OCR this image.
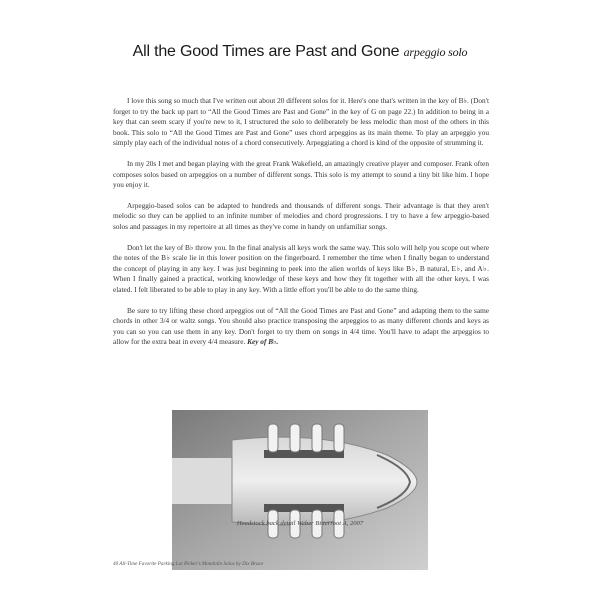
All the Good Times are Past and Gone arpeggio solo

I love this song so much that I've written out about 20 different solos for it. Here's one that's written in the key of B♭. (Don't forget to try the back up part to “All the Good Times are Past and Gone” in the key of G on page 22.) In addition to being in a key that can seem scary if you're new to it, I structured the solo to deliberately be less melodic than most of the others in this book. This solo to “All the Good Times are Past and Gone” uses chord arpeggios as its main theme. To play an arpeggio you simply play each of the individual notes of a chord consecutively. Arpeggiating a chord is kind of the opposite of strumming it.

In my 20s I met and began playing with the great Frank Wakefield, an amazingly creative player and composer. Frank often composes solos based on arpeggios on a number of different songs. This solo is my attempt to sound a tiny bit like him. I hope you enjoy it.

Arpeggio-based solos can be adapted to hundreds and thousands of different songs. Their advantage is that they aren't melodic so they can be applied to an infinite number of melodies and chord progressions. I try to have a few arpeggio-based solos and passages in my repertoire at all times as they've come in handy on unfamiliar songs.

Don't let the key of B♭ throw you. In the final analysis all keys work the same way. This solo will help you scope out where the notes of the B♭ scale lie in this lower position on the fingerboard. I remember the time when I finally began to understand the concept of playing in any key. I was just beginning to peek into the alien worlds of keys like B♭, B natural, E♭, and A♭. When I finally gained a practical, working knowledge of these keys and how they fit together with all the other keys, I was elated. I felt liberated to be able to play in any key. With a little effort you'll be able to do the same thing.

Be sure to try lifting these chord arpeggios out of “All the Good Times are Past and Gone” and adapting them to the same chords in other 3/4 or waltz songs. You should also practice transposing the arpeggios to as many different chords and keys as you can so you can use them in any key. Don't forget to try them on songs in 4/4 time. You'll have to adapt the arpeggios to allow for the extra beat in every 4/4 measure. Key of B♭.

Headstock back detail Weber Bitterroot A, 2007
40 All-Time Favorite Parking Lot Picker's Mandolin Solos by Dix Bruce
